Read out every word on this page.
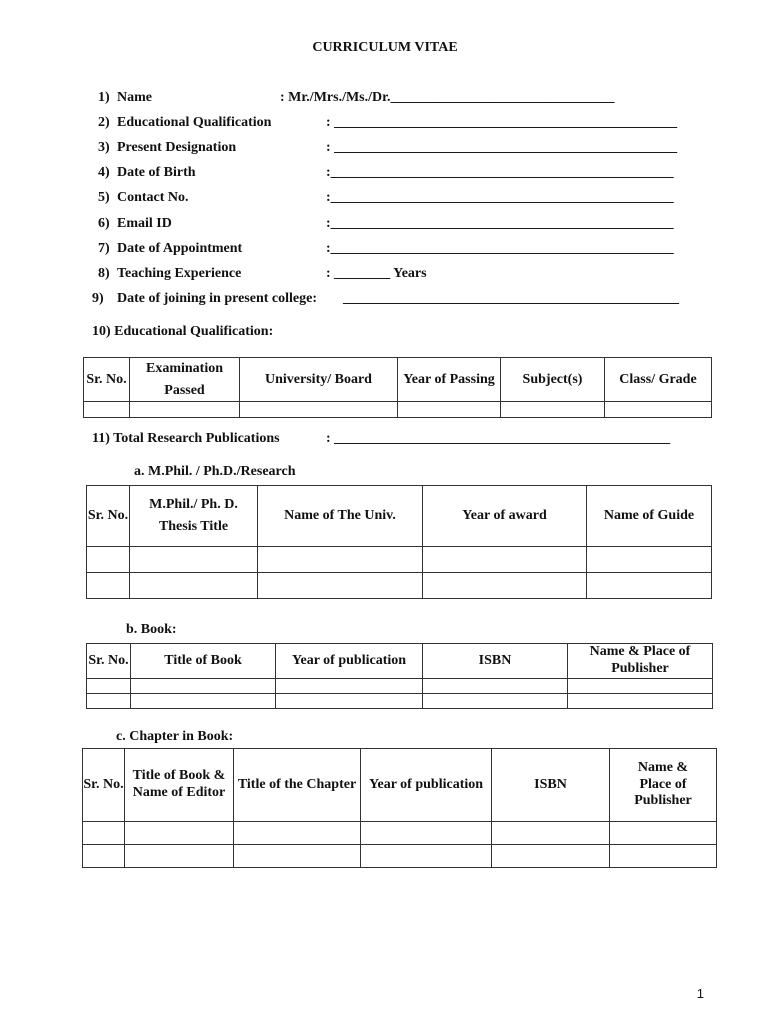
CURRICULUM VITAE
1) Name	: Mr./Mrs./Ms./Dr.________________________________
2) Educational Qualification	: _________________________________________________
3) Present Designation	: _________________________________________________
4) Date of Birth	:_________________________________________________
5) Contact No.	:_________________________________________________
6) Email ID	:_________________________________________________
7) Date of Appointment	:_________________________________________________
8) Teaching Experience	: ________ Years
9) Date of joining in present college: ________________________________________________
10) Educational Qualification:
Sr. No.	Examination Passed	University/ Board	Year of Passing	Subject(s)	Class/ Grade

11) Total Research Publications	: ________________________________________________
a. M.Phil. / Ph.D./Research
Sr. No.	M.Phil./ Ph. D. Thesis Title	Name of The Univ.	Year of award	Name of Guide

b. Book:
Sr. No.	Title of Book	Year of publication	ISBN	Name & Place of Publisher

c. Chapter in Book:
Sr. No.	Title of Book & Name of Editor	Title of the Chapter	Year of publication	ISBN	Name & Place of Publisher

1
